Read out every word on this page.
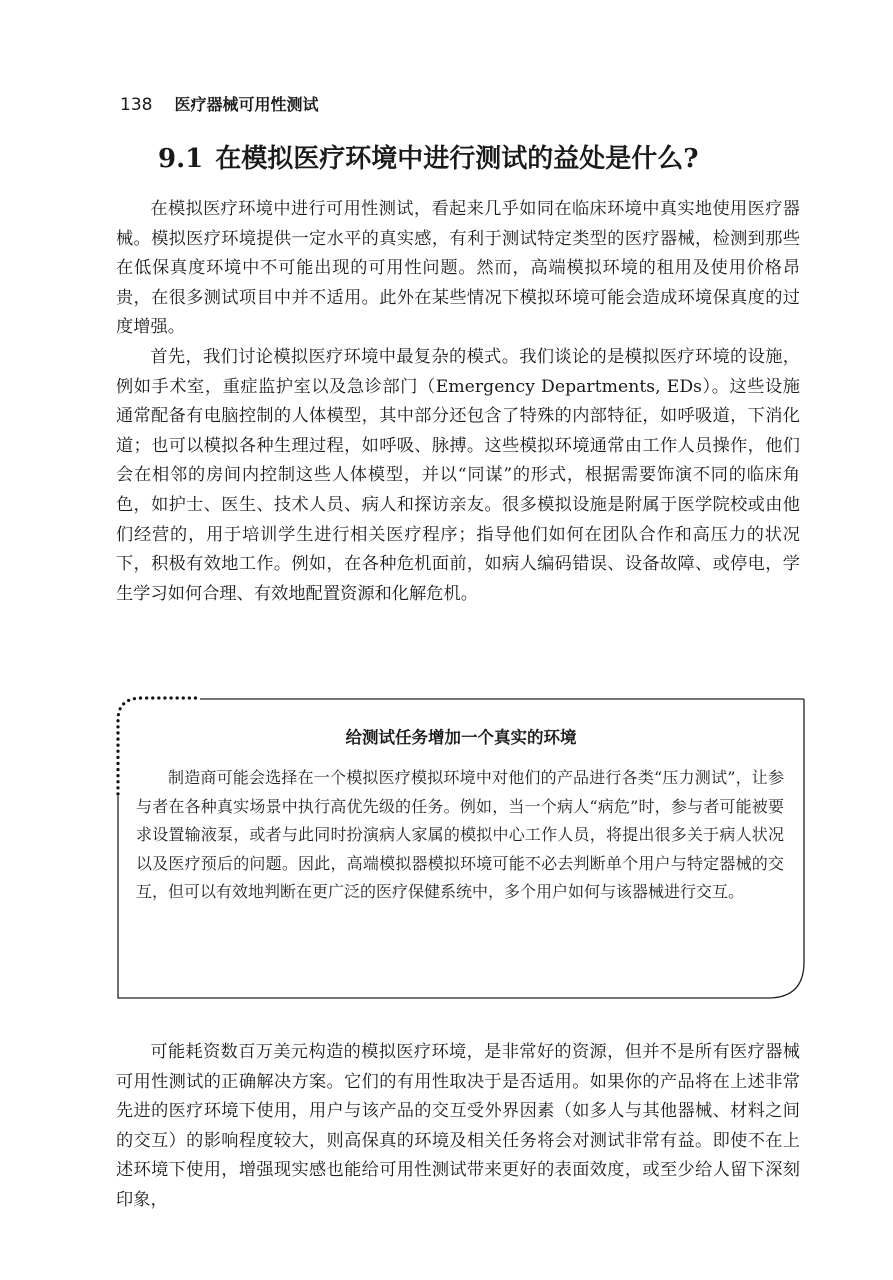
138 医疗器械可用性测试
9.1 在模拟医疗环境中进行测试的益处是什么?

在模拟医疗环境中进行可用性测试，看起来几乎如同在临床环境中真实地使用医疗器械。模拟医疗环境提供一定水平的真实感，有利于测试特定类型的医疗器械，检测到那些在低保真度环境中不可能出现的可用性问题。然而，高端模拟环境的租用及使用价格昂贵，在很多测试项目中并不适用。此外在某些情况下模拟环境可能会造成环境保真度的过度增强。

首先，我们讨论模拟医疗环境中最复杂的模式。我们谈论的是模拟医疗环境的设施，例如手术室，重症监护室以及急诊部门（Emergency Departments, EDs）。这些设施通常配备有电脑控制的人体模型，其中部分还包含了特殊的内部特征，如呼吸道，下消化道；也可以模拟各种生理过程，如呼吸、脉搏。这些模拟环境通常由工作人员操作，他们会在相邻的房间内控制这些人体模型，并以“同谋”的形式，根据需要饰演不同的临床角色，如护士、医生、技术人员、病人和探访亲友。很多模拟设施是附属于医学院校或由他们经营的，用于培训学生进行相关医疗程序；指导他们如何在团队合作和高压力的状况下，积极有效地工作。例如，在各种危机面前，如病人编码错误、设备故障、或停电，学生学习如何合理、有效地配置资源和化解危机。

给测试任务增加一个真实的环境

制造商可能会选择在一个模拟医疗模拟环境中对他们的产品进行各类“压力测试”，让参与者在各种真实场景中执行高优先级的任务。例如，当一个病人“病危”时，参与者可能被要求设置输液泵，或者与此同时扮演病人家属的模拟中心工作人员，将提出很多关于病人状况以及医疗预后的问题。因此，高端模拟器模拟环境可能不必去判断单个用户与特定器械的交互，但可以有效地判断在更广泛的医疗保健系统中，多个用户如何与该器械进行交互。

可能耗资数百万美元构造的模拟医疗环境，是非常好的资源，但并不是所有医疗器械可用性测试的正确解决方案。它们的有用性取决于是否适用。如果你的产品将在上述非常先进的医疗环境下使用，用户与该产品的交互受外界因素（如多人与其他器械、材料之间的交互）的影响程度较大，则高保真的环境及相关任务将会对测试非常有益。即使不在上述环境下使用，增强现实感也能给可用性测试带来更好的表面效度，或至少给人留下深刻印象，
